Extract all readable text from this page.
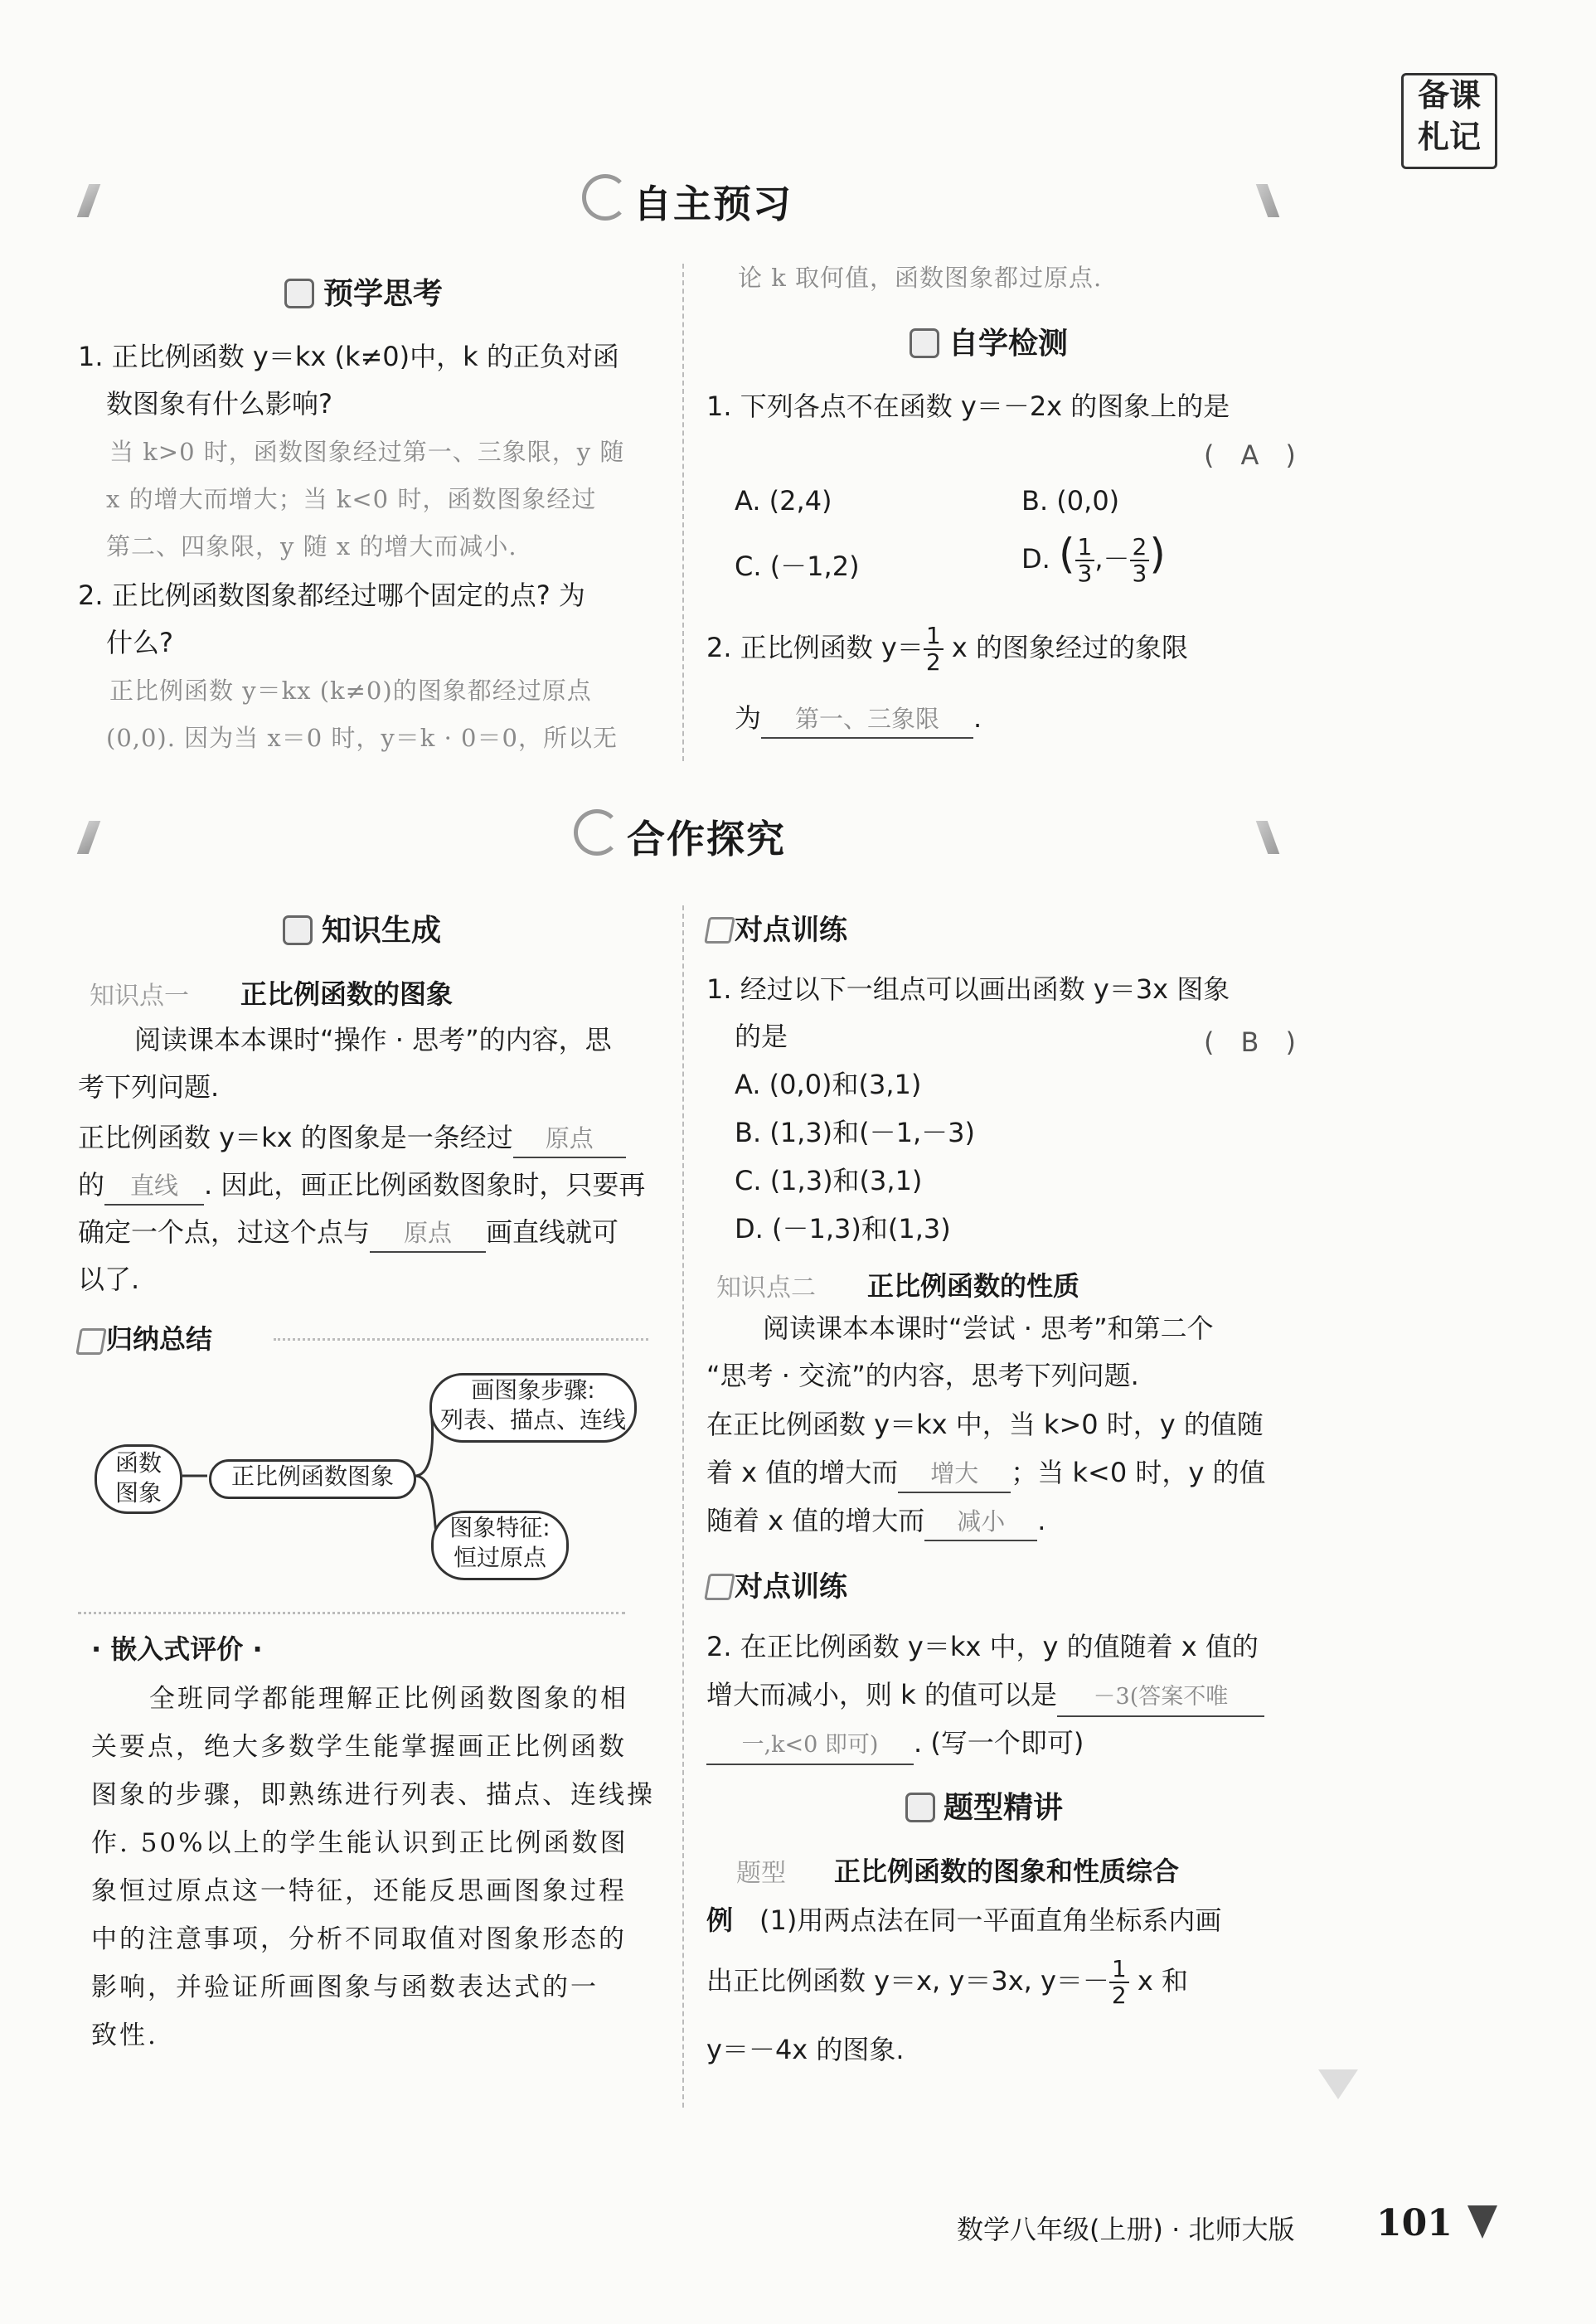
备课
札记
自主预习
预学思考
1. 正比例函数 y＝kx (k≠0)中，k 的正负对函
数图象有什么影响?
当 k>0 时，函数图象经过第一、三象限，y 随
x 的增大而增大；当 k<0 时，函数图象经过
第二、四象限，y 随 x 的增大而减小.
2. 正比例函数图象都经过哪个固定的点? 为
什么?
正比例函数 y＝kx (k≠0)的图象都经过原点
(0,0). 因为当 x＝0 时，y＝k · 0＝0，所以无
论 k 取何值，函数图象都过原点.
自学检测
1. 下列各点不在函数 y＝－2x 的图象上的是
(　A　)
A. (2,4)	B. (0,0)
C. (－1,2)	D. ( $\frac{1}{3}$ ,－ $\frac{2}{3}$ )
2. 正比例函数 $y= \frac{1}{2}$ x 的图象经过的象限
为 第一、三象限 .
合作探究
知识生成
知识点一 正比例函数的图象
阅读课本本课时“操作 · 思考”的内容，思
考下列问题.
正比例函数 y＝kx 的图象是一条经过 原点
的 直线 . 因此，画正比例函数图象时，只要再
确定一个点，过这个点与 原点 画直线就可
以了.
归纳总结
函数
图象
正比例函数图象
画图象步骤:
列表、描点、连线
图象特征:
恒过原点
· 嵌入式评价 ·
全班同学都能理解正比例函数图象的相
关要点，绝大多数学生能掌握画正比例函数
图象的步骤，即熟练进行列表、描点、连线操
作. 50%以上的学生能认识到正比例函数图
象恒过原点这一特征，还能反思画图象过程
中的注意事项，分析不同取值对图象形态的
影响，并验证所画图象与函数表达式的一
致性.
对点训练
1. 经过以下一组点可以画出函数 y＝3x 图象
的是	(　B　)
A. (0,0)和(3,1)
B. (1,3)和(－1,－3)
C. (1,3)和(3,1)
D. (－1,3)和(1,3)
知识点二 正比例函数的性质
阅读课本本课时“尝试 · 思考”和第二个
“思考 · 交流”的内容，思考下列问题.
在正比例函数 y＝kx 中，当 k>0 时，y 的值随
着 x 值的增大而 增大 ；当 k<0 时，y 的值
随着 x 值的增大而 减小 .
对点训练
2. 在正比例函数 y＝kx 中，y 的值随着 x 值的
增大而减小，则 k 的值可以是 －3(答案不唯
一,k<0 即可) . (写一个即可)
题型精讲
题型 正比例函数的图象和性质综合
例 (1)用两点法在同一平面直角坐标系内画
出正比例函数 y＝x, y＝3x, $y=- \frac{1}{2}$ x 和
y＝－4x 的图象.
数学八年级(上册) · 北师大版 101
